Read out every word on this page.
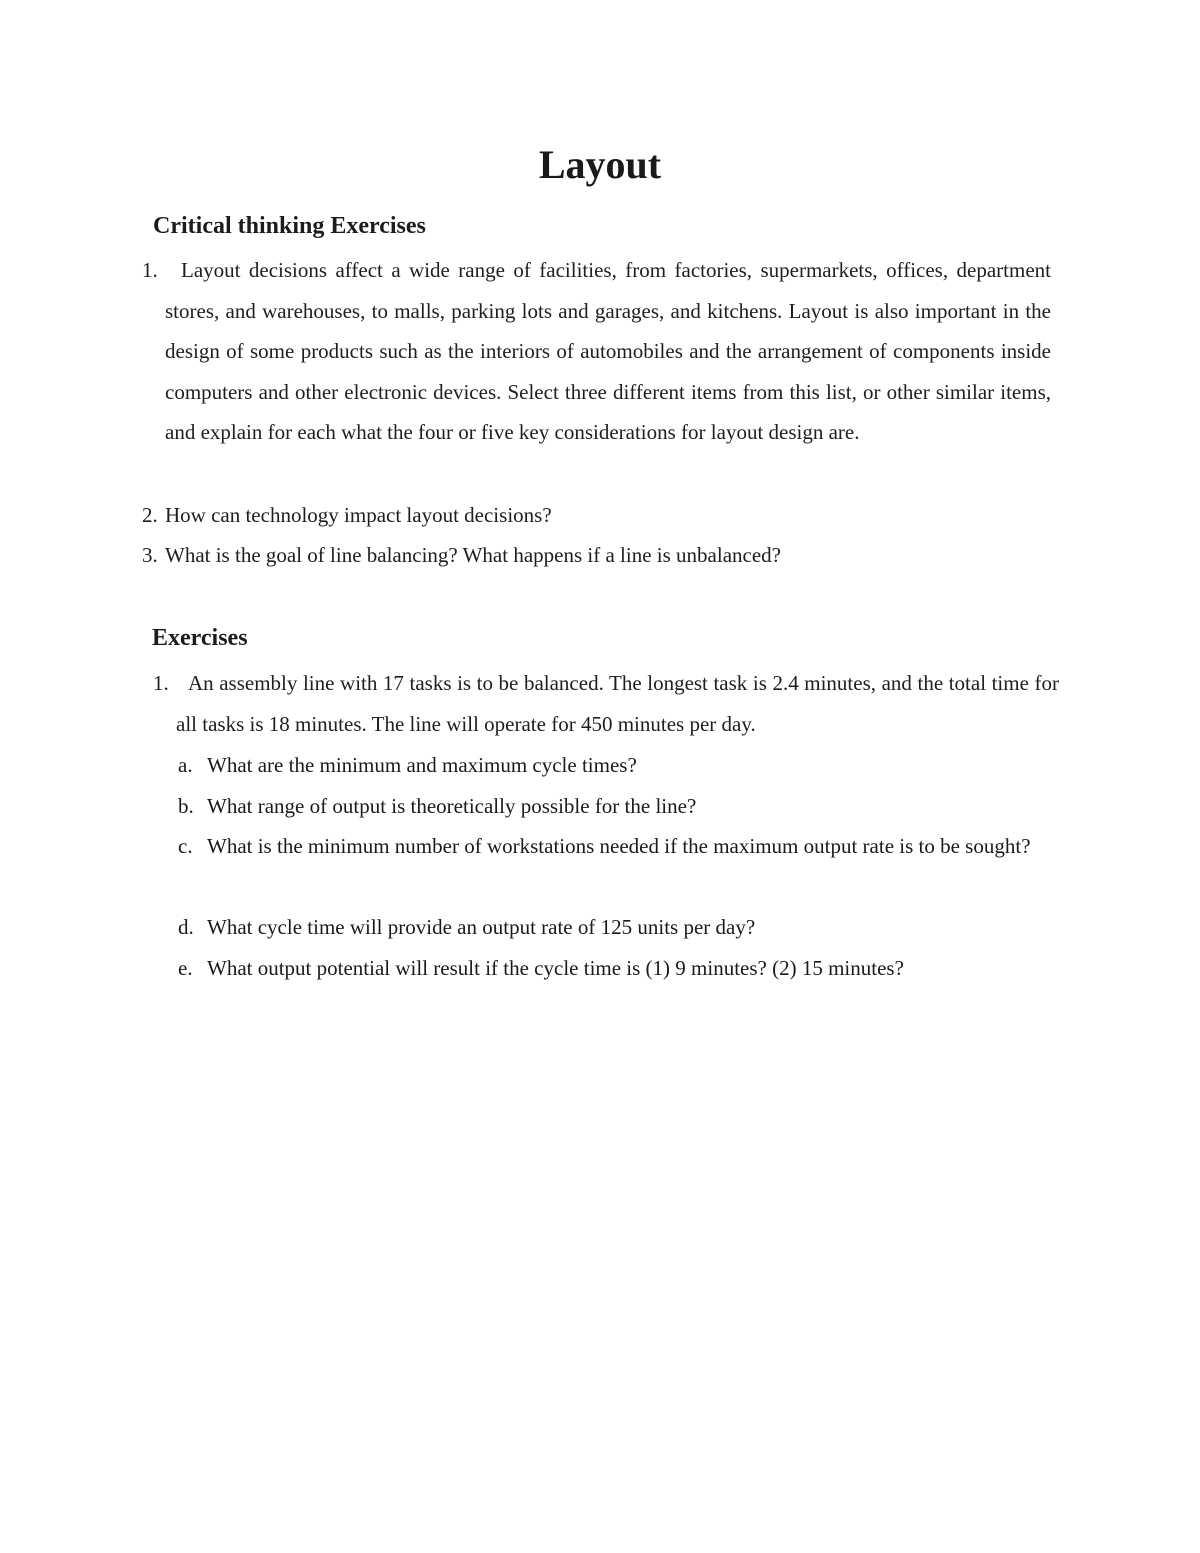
Layout
Critical thinking Exercises
1.	Layout decisions affect a wide range of facilities, from factories, supermarkets, offices, department stores, and warehouses, to malls, parking lots and garages, and kitchens. Layout is also important in the design of some products such as the interiors of automobiles and the arrangement of components inside computers and other electronic devices. Select three different items from this list, or other similar items, and explain for each what the four or five key considerations for layout design are.
2. How can technology impact layout decisions?
3. What is the goal of line balancing? What happens if a line is unbalanced?
Exercises
1. An assembly line with 17 tasks is to be balanced. The longest task is 2.4 minutes, and the total time for all tasks is 18 minutes. The line will operate for 450 minutes per day.
a. What are the minimum and maximum cycle times?
b. What range of output is theoretically possible for the line?
c. What is the minimum number of workstations needed if the maximum output rate is to be sought?
d. What cycle time will provide an output rate of 125 units per day?
e. What output potential will result if the cycle time is (1) 9 minutes? (2) 15 minutes?
